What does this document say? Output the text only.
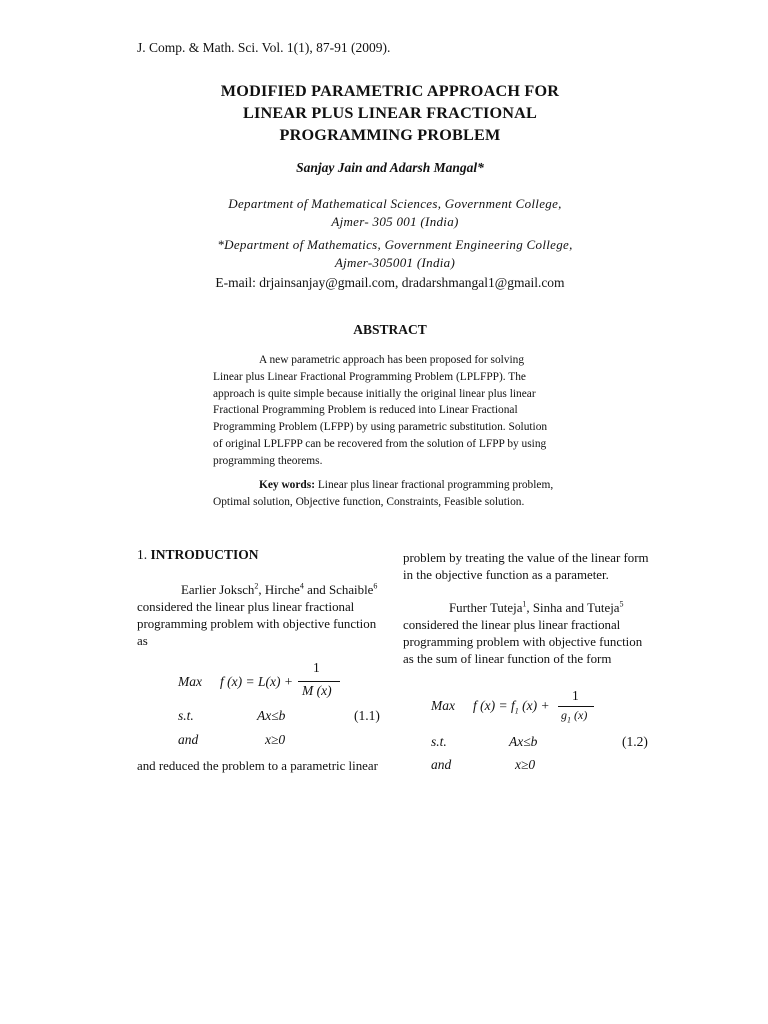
J. Comp. & Math. Sci. Vol. 1(1), 87-91 (2009).
MODIFIED PARAMETRIC APPROACH FOR
LINEAR PLUS LINEAR FRACTIONAL
PROGRAMMING PROBLEM
Sanjay Jain and Adarsh Mangal*
Department of Mathematical Sciences, Government College,
Ajmer- 305 001 (India)
*Department of Mathematics, Government Engineering College,
Ajmer-305001 (India)
E-mail: drjainsanjay@gmail.com, dradarshmangal1@gmail.com
ABSTRACT
A new parametric approach has been proposed for solving
Linear plus Linear Fractional Programming Problem (LPLFPP). The
approach is quite simple because initially the original linear plus linear
Fractional Programming Problem is reduced into Linear Fractional
Programming Problem (LFPP) by using parametric substitution. Solution
of original LPLFPP can be recovered from the solution of LFPP by using
programming theorems.
Key words: Linear plus linear fractional programming problem,
Optimal solution, Objective function, Constraints, Feasible solution.
1. INTRODUCTION
Earlier Joksch$^2$, Hirche$^4$ and Schaible$^6$
considered the linear plus linear fractional
programming problem with objective function
as
Max f (x) = L(x) +
1
M (x)
s.t.	Ax≤b	(1.1)
and	x≥0
and reduced the problem to a parametric linear
problem by treating the value of the linear form
in the objective function as a parameter.
Further Tuteja$^1$, Sinha and Tuteja$^5$
considered the linear plus linear fractional
programming problem with objective function
as the sum of linear function of the form
Max f $(x) = f_1$ (x) +
1
$g_1$ (x)
s.t.	Ax≤b	(1.2)
and	x≥0
